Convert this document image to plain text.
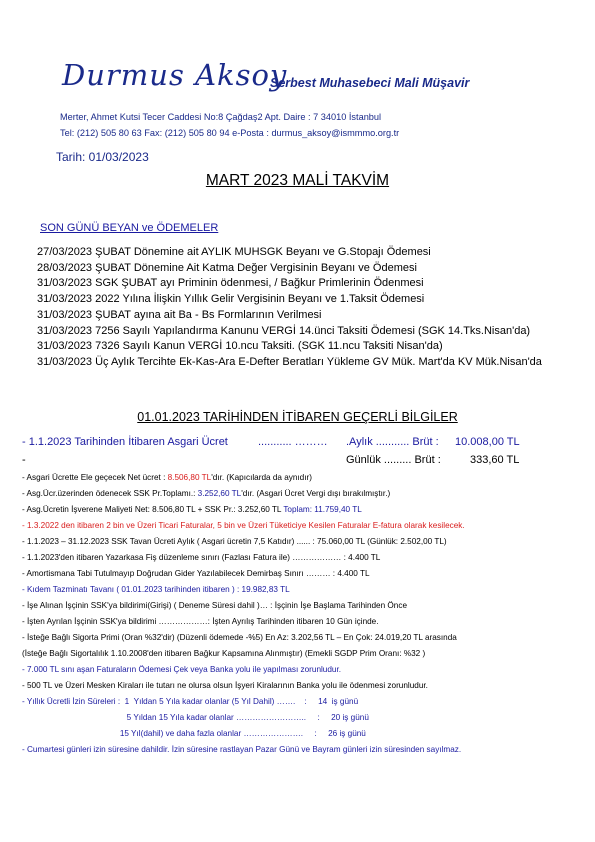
Durmus Aksoy
Serbest Muhasebeci Mali Müşavir
Merter, Ahmet Kutsi Tecer Caddesi No:8 Çağdaş2 Apt. Daire : 7 34010 İstanbul
Tel: (212) 505 80 63 Fax: (212) 505 80 94 e-Posta : durmus_aksoy@ismmmo.org.tr
Tarih: 01/03/2023
MART 2023 MALİ TAKVİM
SON GÜNÜ BEYAN ve ÖDEMELER
27/03/2023 ŞUBAT Dönemine ait AYLIK MUHSGK Beyanı ve G.Stopajı Ödemesi
28/03/2023 ŞUBAT Dönemine Ait Katma Değer Vergisinin Beyanı ve Ödemesi
31/03/2023 SGK ŞUBAT ayı Priminin ödenmesi, / Bağkur Primlerinin Ödenmesi
31/03/2023 2022 Yılına İlişkin Yıllık Gelir Vergisinin Beyanı ve 1.Taksit Ödemesi
31/03/2023 ŞUBAT ayına ait Ba - Bs Formlarının Verilmesi
31/03/2023 7256 Sayılı Yapılandırma Kanunu VERGİ 14.ünci Taksiti Ödemesi (SGK 14.Tks.Nisan'da)
31/03/2023 7326 Sayılı Kanun VERGİ 10.ncu Taksiti. (SGK 11.ncu Taksiti Nisan'da)
31/03/2023 Üç Aylık Tercihte Ek-Kas-Ara E-Defter Beratları Yükleme GV Mük. Mart'da KV Mük.Nisan'da
01.01.2023 TARİHİNDEN İTİBAREN GEÇERLİ BİLGİLER
- 1.1.2023 Tarihinden İtibaren Asgari Ücret	........... ……… .Aylık ........... Brüt : 10.008,00 TL
-	Günlük ......... Brüt :	333,60 TL
- Asgari Ücrette Ele geçecek Net ücret : 8.506,80 TL'dır. (Kapıcılarda da aynıdır)
- Asg.Ücr.üzerinden ödenecek SSK Pr.Toplamı.: 3.252,60 TL'dır. (Asgari Ücret Vergi dışı bırakılmıştır.)
- Asg.Ücretin İşverene Maliyeti Net: 8.506,80 TL + SSK Pr.: 3.252,60 TL Toplam: 11.759,40 TL
- 1.3.2022 den itibaren 2 bin ve Üzeri Ticari Faturalar, 5 bin ve Üzeri Tüketiciye Kesilen Faturalar E-fatura olarak kesilecek.
- 1.1.2023 – 31.12.2023 SSK Tavan Ücreti Aylık ( Asgari ücretin 7,5 Katıdır) ...... : 75.060,00 TL (Günlük: 2.502,00 TL)
- 1.1.2023'den itibaren Yazarkasa Fiş düzenleme sınırı (Fazlası Fatura ile) ……………… : 4.400 TL
- Amortismana Tabi Tutulmayıp Doğrudan Gider Yazılabilecek Demirbaş Sınırı ……… : 4.400 TL
- Kıdem Tazminatı Tavanı ( 01.01.2023 tarihinden itibaren ) : 19.982,83 TL
- İşe Alınan İşçinin SSK'ya bildirimi(Girişi) ( Deneme Süresi dahil )… : İşçinin İşe Başlama Tarihinden Önce
- İşten Ayrılan İşçinin SSK'ya bildirimi ………………: İşten Ayrılış Tarihinden itibaren 10 Gün içinde.
- İsteğe Bağlı Sigorta Primi (Oran %32'dir) (Düzenli ödemede -%5) En Az: 3.202,56 TL – En Çok: 24.019,20 TL arasında
(İsteğe Bağlı Sigortalılık 1.10.2008'den itibaren Bağkur Kapsamına Alınmıştır) (Emekli SGDP Prim Oranı: %32 )
- 7.000 TL sını aşan Faturaların Ödemesi Çek veya Banka yolu ile yapılması zorunludur.
- 500 TL ve Üzeri Mesken Kiraları ile tutarı ne olursa olsun İşyeri Kiralarının Banka yolu ile ödenmesi zorunludur.
- Yıllık Ücretli İzin Süreleri :  1  Yıldan 5 Yıla kadar olanlar (5 Yıl Dahil) …….    :     14  iş günü
5 Yıldan 15 Yıla kadar olanlar ……………………..     :     20 iş günü
15 Yıl(dahil) ve daha fazla olanlar ………………….     :     26 iş günü
- Cumartesi günleri izin süresine dahildir. İzin süresine rastlayan Pazar Günü ve Bayram günleri izin süresinden sayılmaz.
